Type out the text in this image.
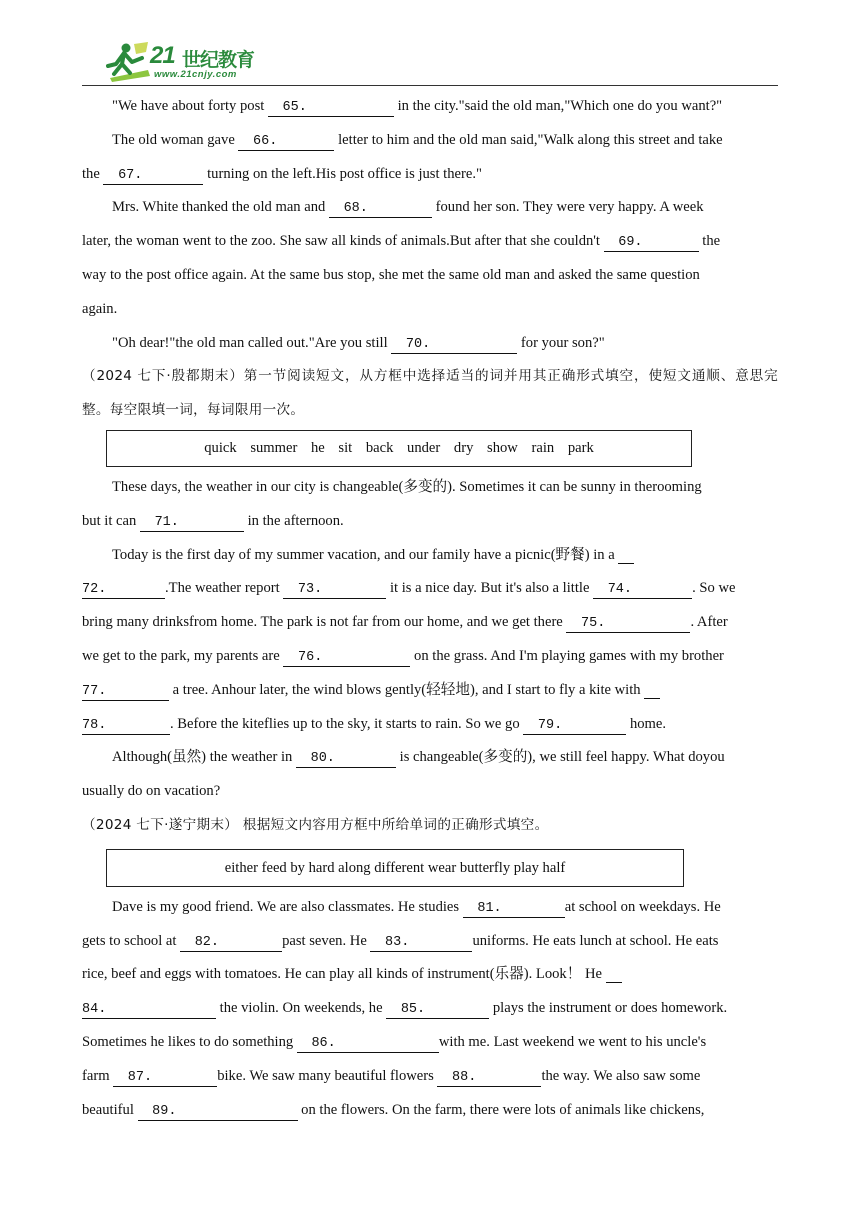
21 世纪教育
www.21cnjy.com

"We have about forty post  65.	in the city."said the old man,"Which one do you want?"

The old woman gave  66.	letter to him and the old man said,"Walk along this street and take

the  67.	turning on the left.His post office is just there."

Mrs. White thanked the old man and  68.	found her son. They were very happy. A week

later, the woman went to the zoo. She saw all kinds of animals.But after that she couldn't  69.	the

way to the post office again. At the same bus stop, she met the same old man and asked the same question

again.

"Oh dear!"the old man called out."Are you still  70.	for your son?"

（2024 七下·殷都期末）第一节阅读短文，从方框中选择适当的词并用其正确形式填空，使短文通顺、意思完整。每空限填一词，每词限用一次。

quick summer he sit back under dry show rain park

These days, the weather in our city is changeable(多变的). Sometimes it can be sunny in therooming

but it can  71.	in the afternoon.

Today is the first day of my summer vacation, and our family have a picnic(野餐) in a

72.	.The weather report  73.	it is a nice day. But it's also a little  74.	. So we

bring many drinksfrom home. The park is not far from our home, and we get there  75.	. After

we get to the park, my parents are  76.	on the grass. And I'm playing games with my brother

77.	a tree. Anhour later, the wind blows gently(轻轻地), and I start to fly a kite with

78.	. Before the kiteflies up to the sky, it starts to rain. So we go  79.	home.

Although(虽然) the weather in  80.	is changeable(多变的), we still feel happy. What doyou

usually do on vacation?

（2024 七下·遂宁期末） 根据短文内容用方框中所给单词的正确形式填空。

either feed by hard along different wear butterfly play half

Dave is my good friend. We are also classmates. He studies  81.	at school on weekdays. He

gets to school at  82.	past seven. He  83.	uniforms. He eats lunch at school. He eats

rice, beef and eggs with tomatoes. He can play all kinds of instrument(乐器). Look！ He

84.	the violin. On weekends, he  85.	plays the instrument or does homework.

Sometimes he likes to do something  86.	with me. Last weekend we went to his uncle's

farm  87.	bike. We saw many beautiful flowers  88.	the way. We also saw some

beautiful  89.	on the flowers. On the farm, there were lots of animals like chickens,
